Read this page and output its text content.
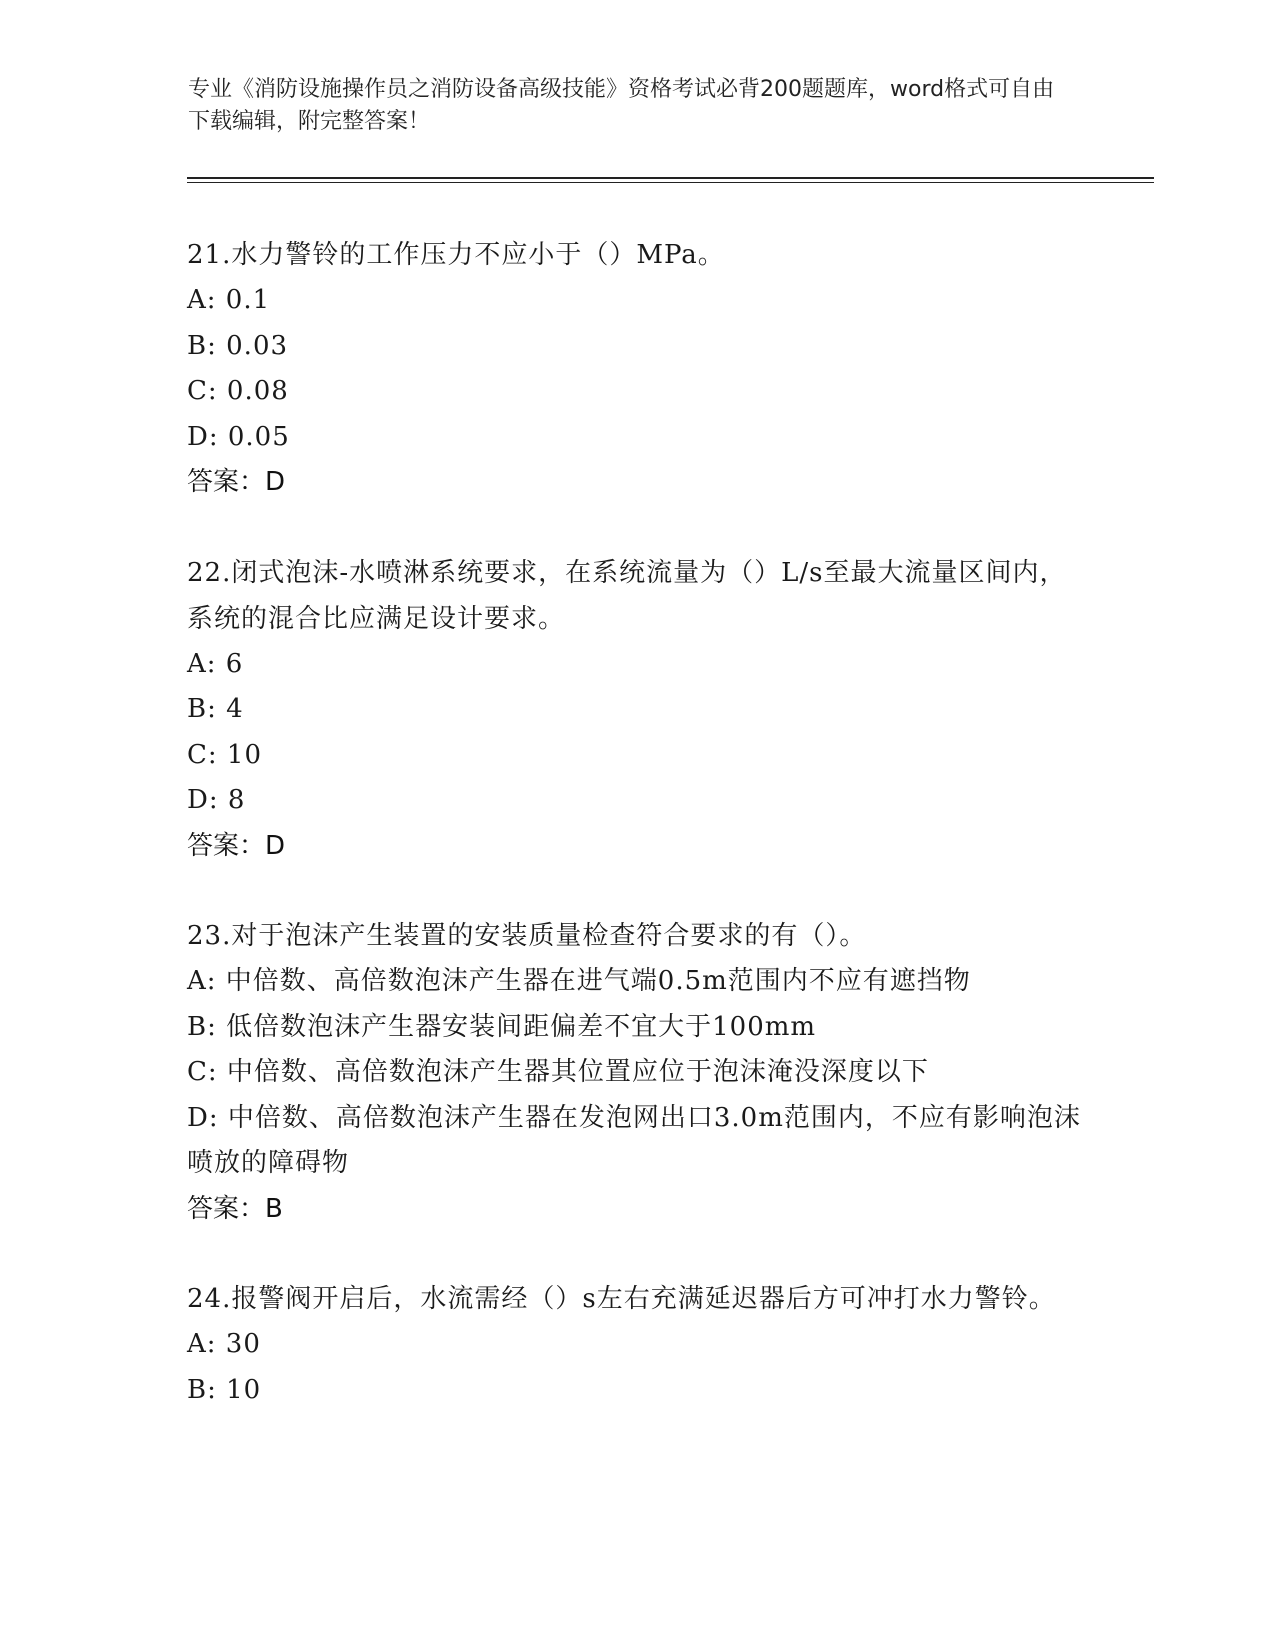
专业《消防设施操作员之消防设备高级技能》资格考试必背200题题库，word格式可自由下载编辑，附完整答案！

21.水力警铃的工作压力不应小于（）MPa。

A: 0.1

B: 0.03

C: 0.08

D: 0.05

答案：D

22.闭式泡沫-水喷淋系统要求，在系统流量为（）L/s至最大流量区间内，系统的混合比应满足设计要求。

A: 6

B: 4

C: 10

D: 8

答案：D

23.对于泡沫产生装置的安装质量检查符合要求的有（）。

A: 中倍数、高倍数泡沫产生器在进气端0.5m范围内不应有遮挡物

B: 低倍数泡沫产生器安装间距偏差不宜大于100mm

C: 中倍数、高倍数泡沫产生器其位置应位于泡沫淹没深度以下

D: 中倍数、高倍数泡沫产生器在发泡网出口3.0m范围内，不应有影响泡沫喷放的障碍物

答案：B

24.报警阀开启后，水流需经（）s左右充满延迟器后方可冲打水力警铃。

A: 30

B: 10
